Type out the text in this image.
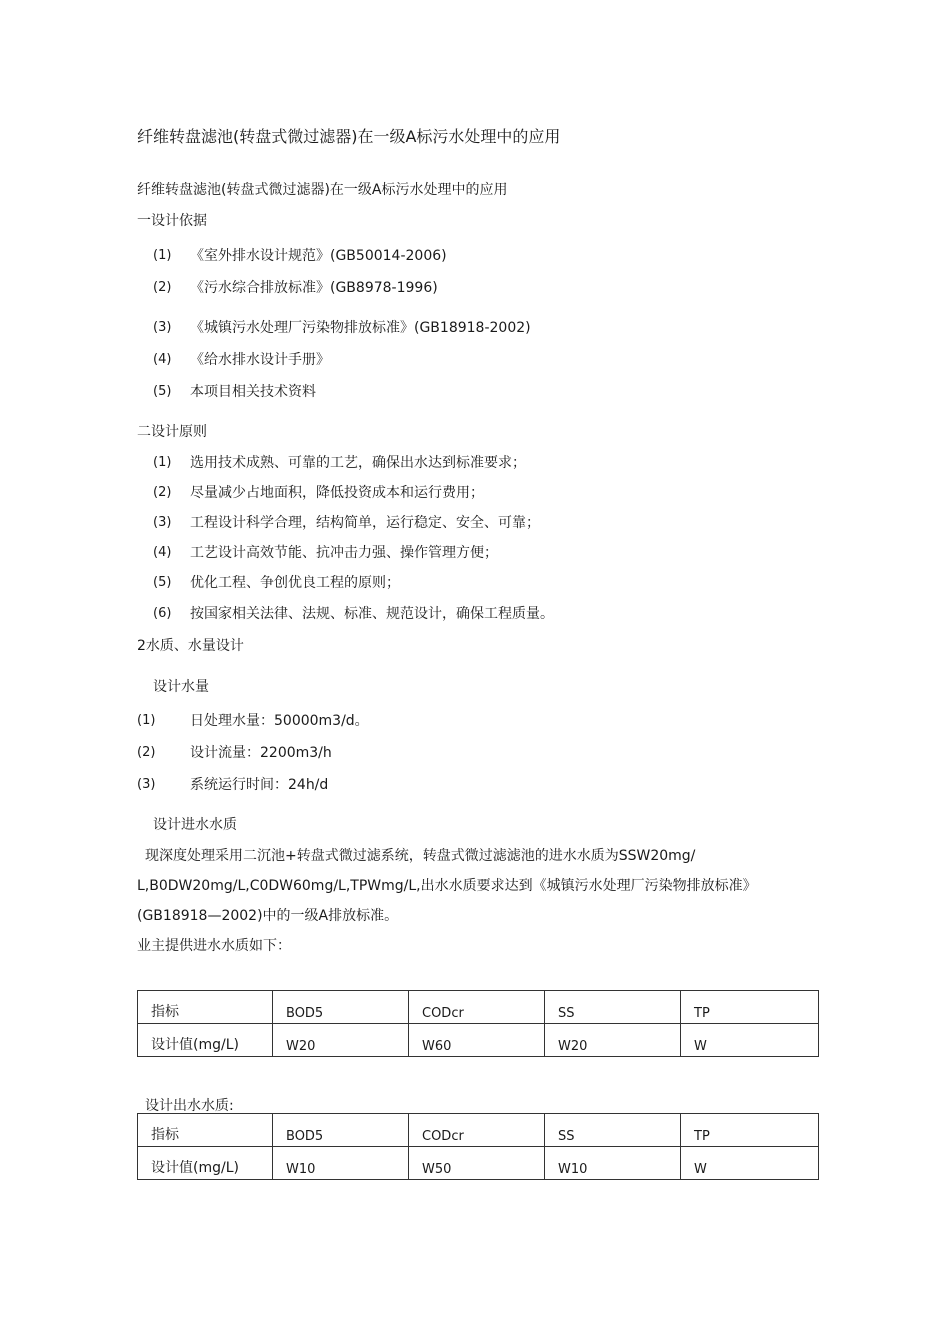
纤维转盘滤池(转盘式微过滤器)在一级A标污水处理中的应用
纤维转盘滤池(转盘式微过滤器)在一级A标污水处理中的应用
一设计依据
(1) 《室外排水设计规范》(GB50014-2006)
(2) 《污水综合排放标准》(GB8978-1996)
(3) 《城镇污水处理厂污染物排放标准》(GB18918-2002)
(4) 《给水排水设计手册》
(5) 本项目相关技术资料
二设计原则
(1) 选用技术成熟、可靠的工艺，确保出水达到标准要求；
(2) 尽量减少占地面积，降低投资成本和运行费用；
(3) 工程设计科学合理，结构简单，运行稳定、安全、可靠；
(4) 工艺设计高效节能、抗冲击力强、操作管理方便；
(5) 优化工程、争创优良工程的原则；
(6) 按国家相关法律、法规、标准、规范设计，确保工程质量。
2水质、水量设计
设计水量
(1) 日处理水量：50000m3/d。
(2) 设计流量：2200m3/h
(3) 系统运行时间：24h/d
设计进水水质
现深度处理采用二沉池+转盘式微过滤系统，转盘式微过滤滤池的进水水质为SSW20mg/
L,B0DW20mg/L,C0DW60mg/L,TPWmg/L,出水水质要求达到《城镇污水处理厂污染物排放标准》
(GB18918—2002)中的一级A排放标准。
业主提供进水水质如下：
指标	BOD5	CODcr	SS	TP
设计值(mg/L)	W20	W60	W20	W
设计出水水质:
指标	BOD5	CODcr	SS	TP
设计值(mg/L)	W10	W50	W10	W
